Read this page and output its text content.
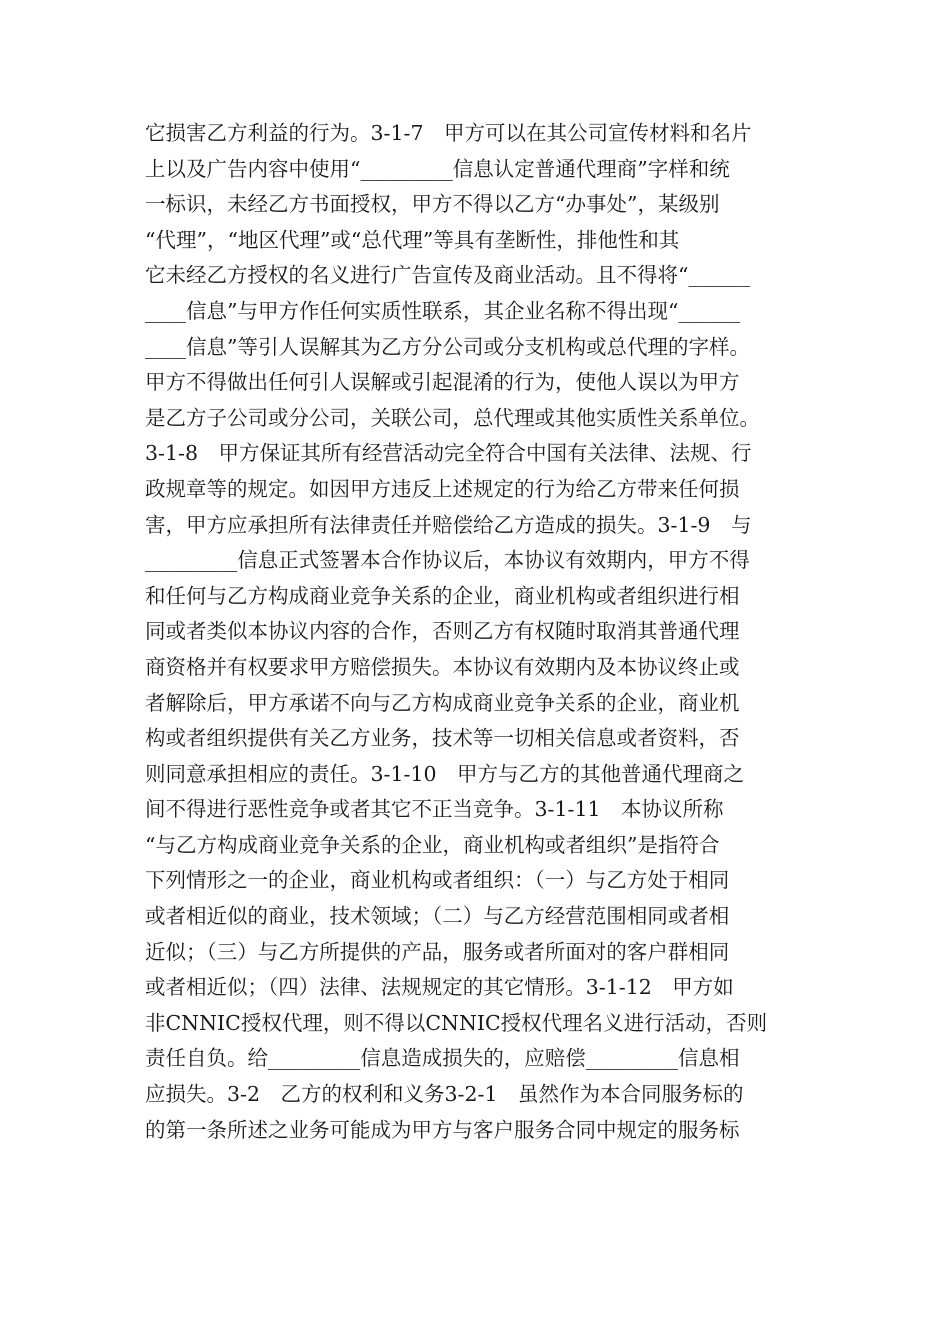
它损害乙方利益的行为。3-1-7　甲方可以在其公司宣传材料和名片
上以及广告内容中使用“_________信息认定普通代理商”字样和统
一标识，未经乙方书面授权，甲方不得以乙方“办事处”，某级别
“代理”，“地区代理”或“总代理”等具有垄断性，排他性和其
它未经乙方授权的名义进行广告宣传及商业活动。且不得将“______
____信息”与甲方作任何实质性联系，其企业名称不得出现“______
____信息”等引人误解其为乙方分公司或分支机构或总代理的字样。
甲方不得做出任何引人误解或引起混淆的行为，使他人误以为甲方
是乙方子公司或分公司，关联公司，总代理或其他实质性关系单位。
3-1-8　甲方保证其所有经营活动完全符合中国有关法律、法规、行
政规章等的规定。如因甲方违反上述规定的行为给乙方带来任何损
害，甲方应承担所有法律责任并赔偿给乙方造成的损失。3-1-9　与
_________信息正式签署本合作协议后，本协议有效期内，甲方不得
和任何与乙方构成商业竞争关系的企业，商业机构或者组织进行相
同或者类似本协议内容的合作，否则乙方有权随时取消其普通代理
商资格并有权要求甲方赔偿损失。本协议有效期内及本协议终止或
者解除后，甲方承诺不向与乙方构成商业竞争关系的企业，商业机
构或者组织提供有关乙方业务，技术等一切相关信息或者资料，否
则同意承担相应的责任。3-1-10　甲方与乙方的其他普通代理商之
间不得进行恶性竞争或者其它不正当竞争。3-1-11　本协议所称
“与乙方构成商业竞争关系的企业，商业机构或者组织”是指符合
下列情形之一的企业，商业机构或者组织：（一）与乙方处于相同
或者相近似的商业，技术领域；（二）与乙方经营范围相同或者相
近似；（三）与乙方所提供的产品，服务或者所面对的客户群相同
或者相近似；（四）法律、法规规定的其它情形。3-1-12　甲方如
非CNNIC授权代理，则不得以CNNIC授权代理名义进行活动，否则
责任自负。给_________信息造成损失的，应赔偿_________信息相
应损失。3-2　乙方的权利和义务3-2-1　虽然作为本合同服务标的
的第一条所述之业务可能成为甲方与客户服务合同中规定的服务标
